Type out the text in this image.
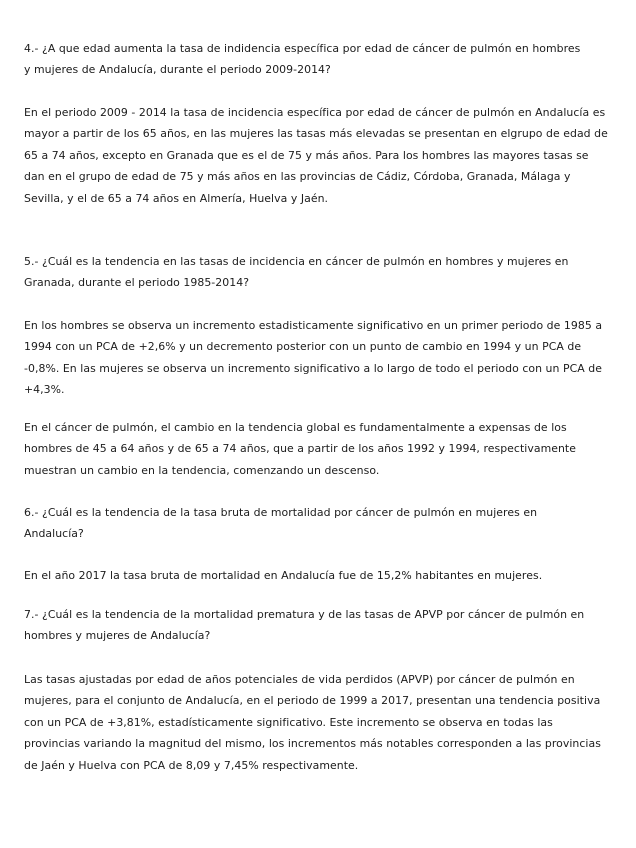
4.- ¿A que edad aumenta la tasa de indidencia específica por edad de cáncer de pulmón en hombres y mujeres de Andalucía, durante el periodo 2009-2014?

En el periodo 2009 - 2014 la tasa de incidencia específica por edad de cáncer de pulmón en Andalucía es mayor a partir de los 65 años, en las mujeres las tasas más elevadas se presentan en elgrupo de edad de 65 a 74 años, excepto en Granada que es el de 75 y más años. Para los hombres las mayores tasas se dan en el grupo de edad de 75 y más años en las provincias de Cádiz, Córdoba, Granada, Málaga y Sevilla, y el de 65 a 74 años en Almería, Huelva y Jaén.

5.- ¿Cuál es la tendencia en las tasas de incidencia en cáncer de pulmón en hombres y mujeres en Granada, durante el periodo 1985-2014?

En los hombres se observa un incremento estadisticamente significativo en un primer periodo de 1985 a 1994 con un PCA de +2,6% y un decremento posterior con un punto de cambio en 1994 y un PCA de -0,8%. En las mujeres se observa un incremento significativo a lo largo de todo el periodo con un PCA de +4,3%.

En el cáncer de pulmón, el cambio en la tendencia global es fundamentalmente a expensas de los hombres de 45 a 64 años y de 65 a 74 años, que a partir de los años 1992 y 1994, respectivamente muestran un cambio en la tendencia, comenzando un descenso.

6.- ¿Cuál es la tendencia de la tasa bruta de mortalidad por cáncer de pulmón en mujeres en Andalucía?

En el año 2017 la tasa bruta de mortalidad en Andalucía fue de 15,2% habitantes en mujeres.

7.- ¿Cuál es la tendencia de la mortalidad prematura y de las tasas de APVP por cáncer de pulmón en hombres y mujeres de Andalucía?

Las tasas ajustadas por edad de años potenciales de vida perdidos (APVP) por cáncer de pulmón en mujeres, para el conjunto de Andalucía, en el periodo de 1999 a 2017, presentan una tendencia positiva con un PCA de +3,81%, estadísticamente significativo. Este incremento se observa en todas las provincias variando la magnitud del mismo, los incrementos más notables corresponden a las provincias de Jaén y Huelva con PCA de 8,09 y 7,45% respectivamente.
